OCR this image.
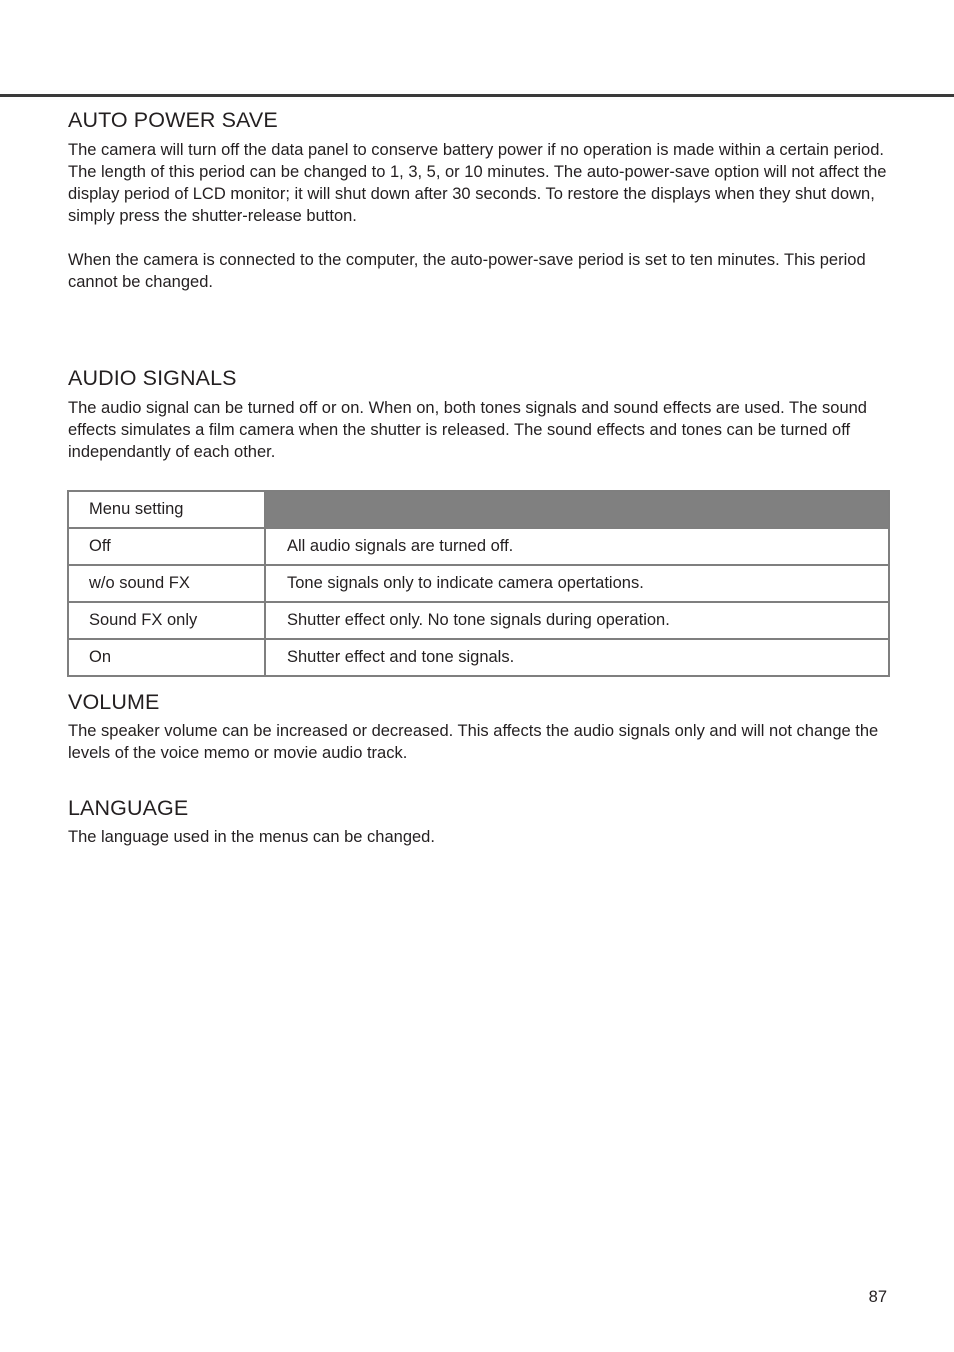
AUTO POWER SAVE

The camera will turn off the data panel to conserve battery power if no operation is made within a certain period. The length of this period can be changed to 1, 3, 5, or 10 minutes. The auto-power-save option will not affect the display period of LCD monitor; it will shut down after 30 seconds. To restore the displays when they shut down, simply press the shutter-release button.

When the camera is connected to the computer, the auto-power-save period is set to ten minutes. This period cannot be changed.

AUDIO SIGNALS

The audio signal can be turned off or on. When on, both tones signals and sound effects are used. The sound effects simulates a film camera when the shutter is released. The sound effects and tones can be turned off independantly of each other.

Menu setting	
Off	All audio signals are turned off.
w/o sound FX	Tone signals only to indicate camera opertations.
Sound FX only	Shutter effect only. No tone signals during operation.
On	Shutter effect and tone signals.
VOLUME

The speaker volume can be increased or decreased. This affects the audio signals only and will not change the levels of the voice memo or movie audio track.

LANGUAGE

The language used in the menus can be changed.

87
